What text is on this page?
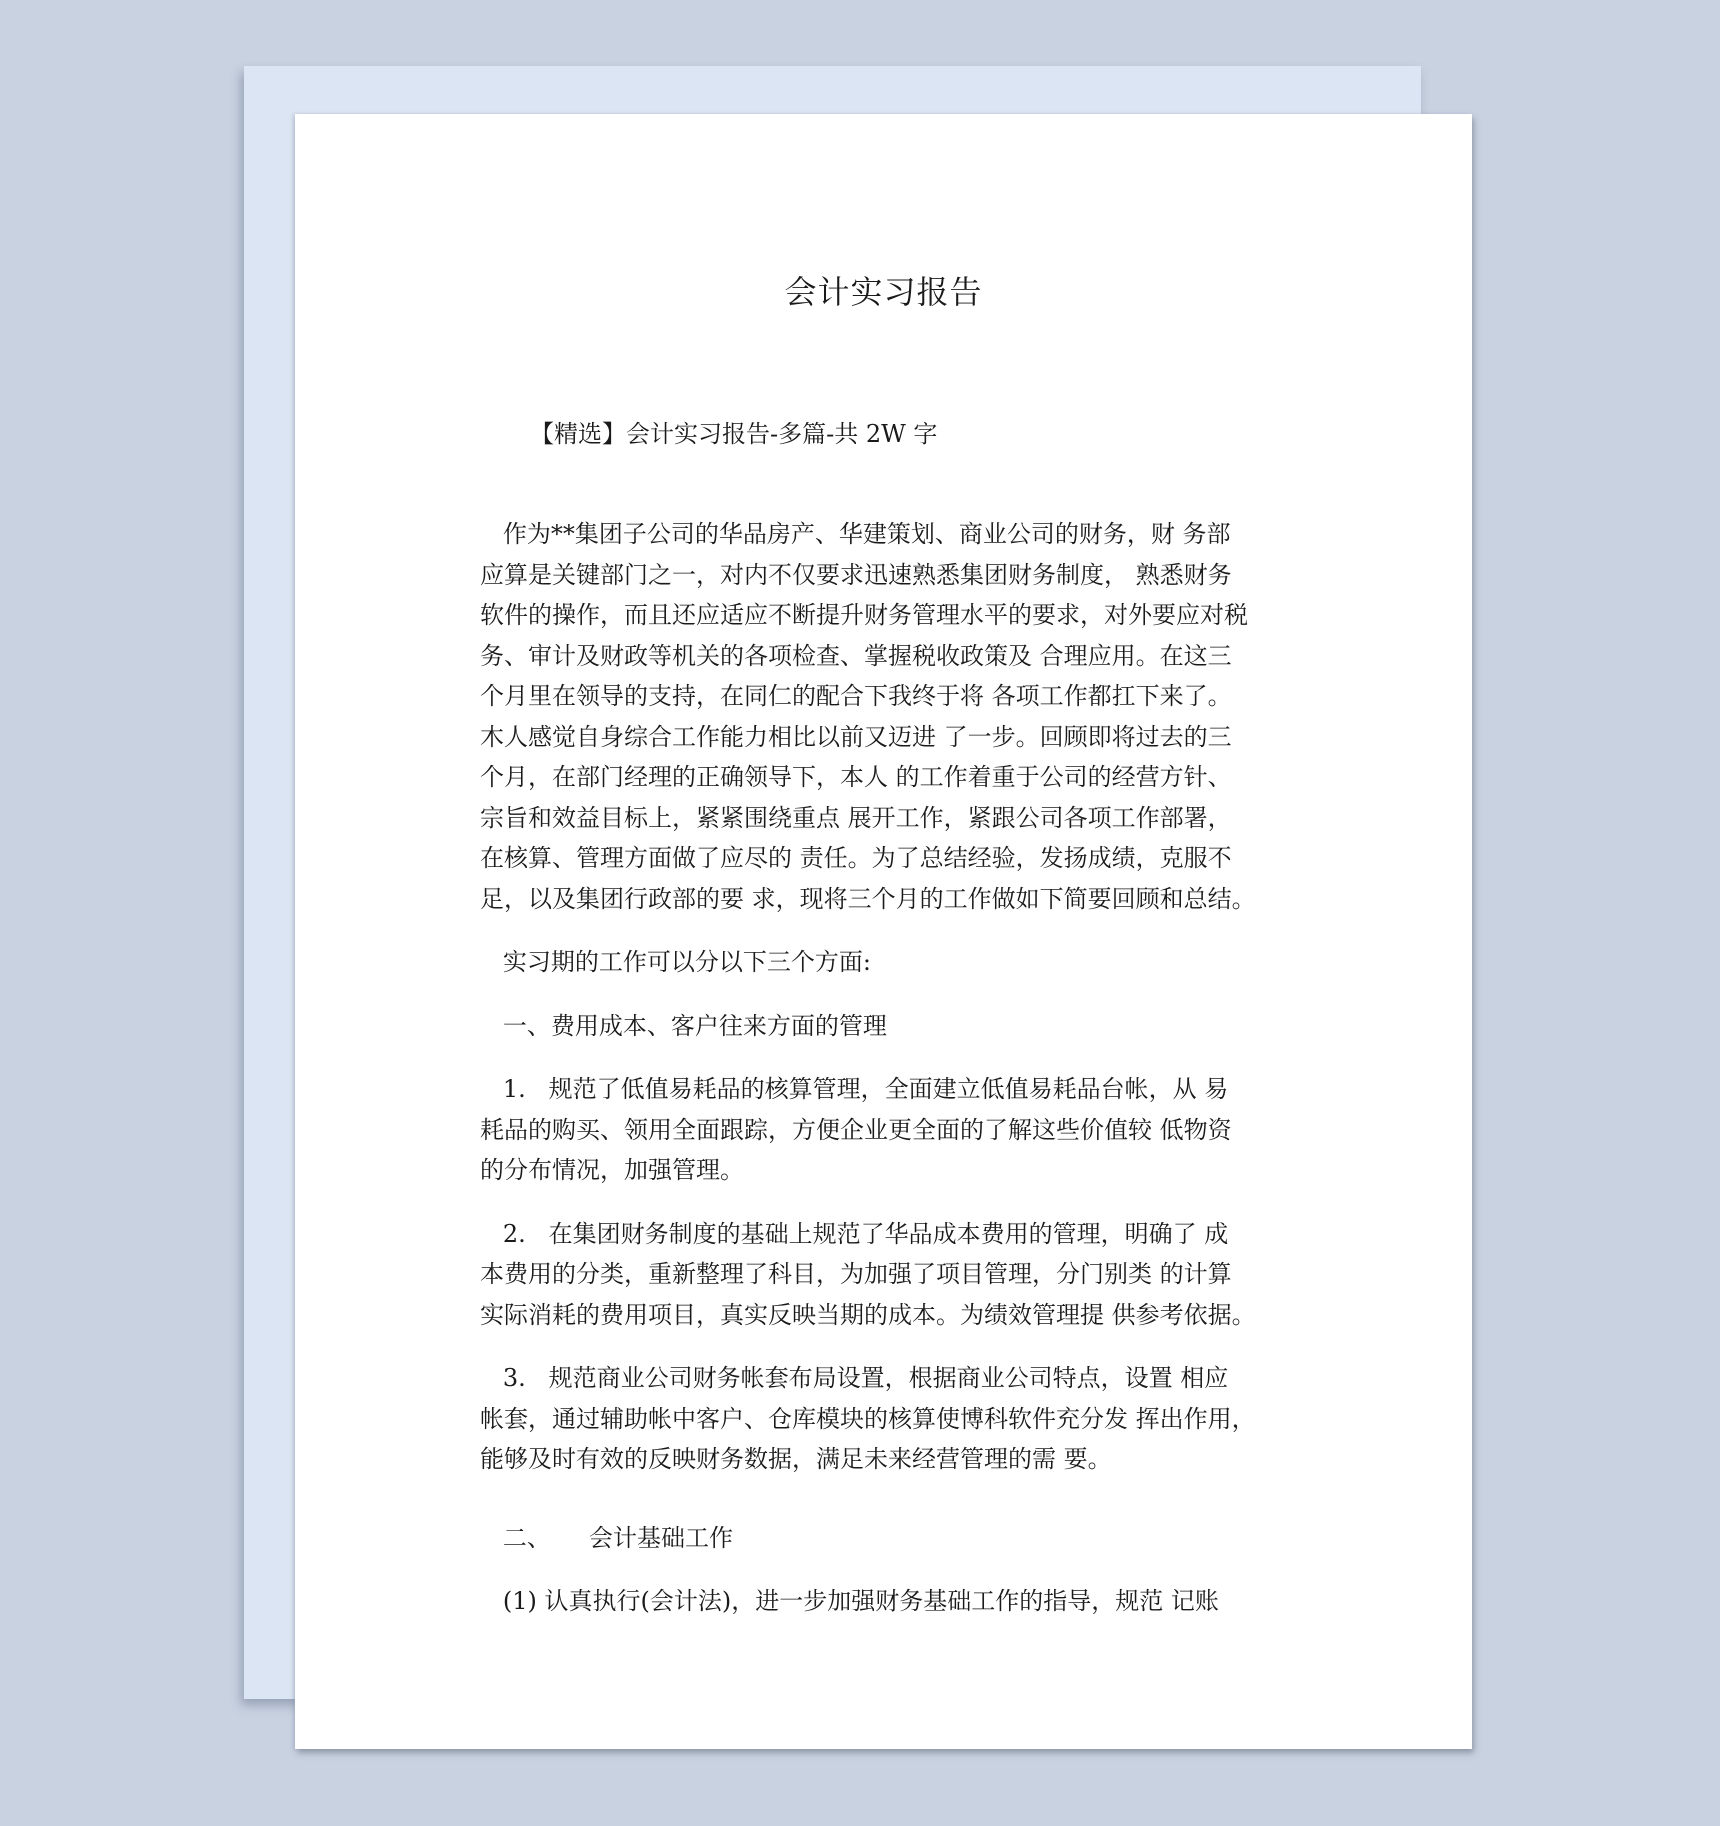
会计实习报告

【精选】会计实习报告-多篇-共 2W 字

作为**集团子公司的华品房产、华建策划、商业公司的财务，财 务部
应算是关键部门之一，对内不仅要求迅速熟悉集团财务制度， 熟悉财务
软件的操作，而且还应适应不断提升财务管理水平的要求，对外要应对税
务、审计及财政等机关的各项检查、掌握税收政策及 合理应用。在这三
个月里在领导的支持，在同仁的配合下我终于将 各项工作都扛下来了。
木人感觉自身综合工作能力相比以前又迈进 了一步。回顾即将过去的三
个月，在部门经理的正确领导下，本人 的工作着重于公司的经营方针、
宗旨和效益目标上，紧紧围绕重点 展开工作，紧跟公司各项工作部署，
在核算、管理方面做了应尽的 责任。为了总结经验，发扬成绩，克服不
足，以及集团行政部的要 求，现将三个月的工作做如下简要回顾和总结。
实习期的工作可以分以下三个方面:
一、费用成本、客户往来方面的管理
1.   规范了低值易耗品的核算管理，全面建立低值易耗品台帐，从 易
耗品的购买、领用全面跟踪，方便企业更全面的了解这些价值较 低物资
的分布情况，加强管理。
2.   在集团财务制度的基础上规范了华品成本费用的管理，明确了 成
本费用的分类，重新整理了科目，为加强了项目管理，分门别类 的计算
实际消耗的费用项目，真实反映当期的成本。为绩效管理提 供参考依据。
3.   规范商业公司财务帐套布局设置，根据商业公司特点，设置 相应
帐套，通过辅助帐中客户、仓库模块的核算使博科软件充分发 挥出作用，
能够及时有效的反映财务数据，满足未来经营管理的需 要。
二、     会计基础工作
(1) 认真执行(会计法)，进一步加强财务基础工作的指导，规范 记账
